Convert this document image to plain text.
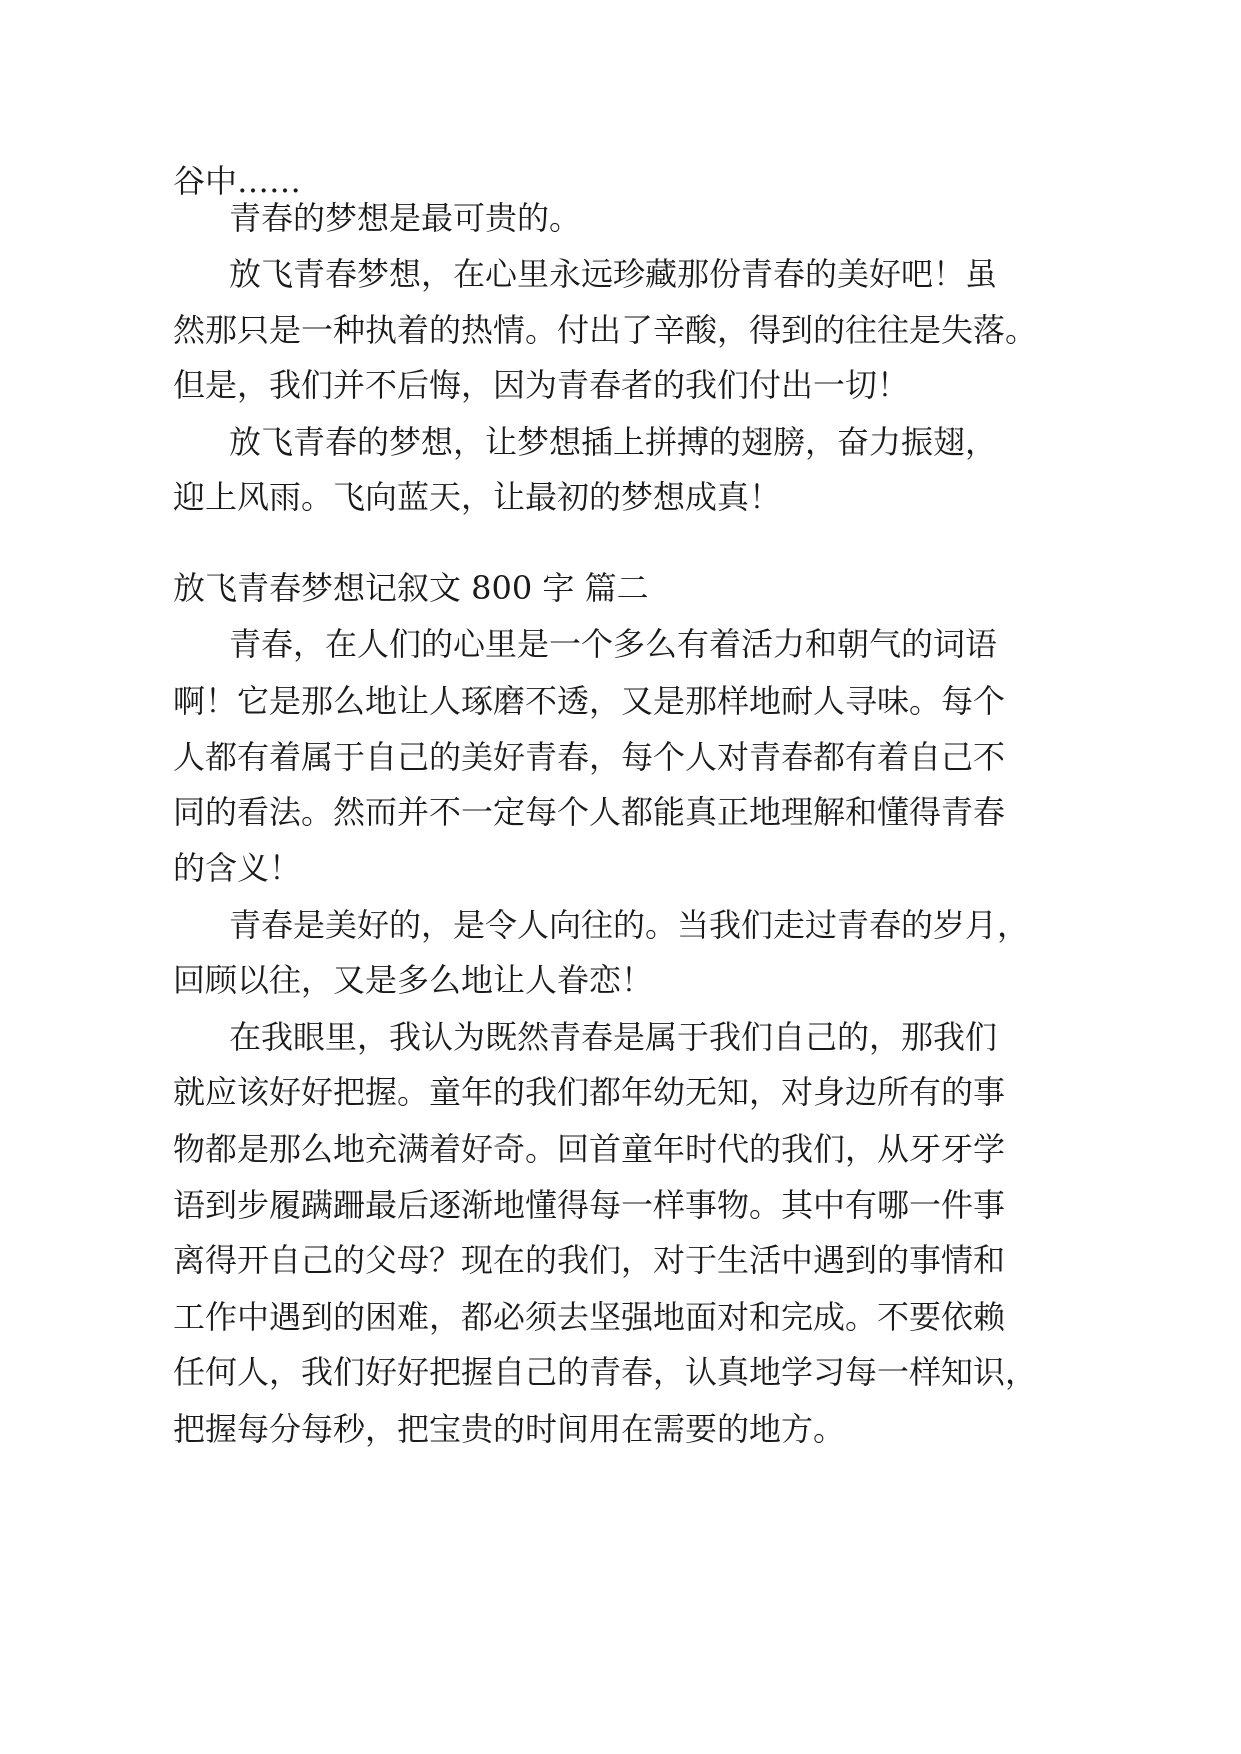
谷中……

青春的梦想是最可贵的。

放飞青春梦想，在心里永远珍藏那份青春的美好吧！虽

然那只是一种执着的热情。付出了辛酸，得到的往往是失落。

但是，我们并不后悔，因为青春者的我们付出一切！

放飞青春的梦想，让梦想插上拼搏的翅膀，奋力振翅，

迎上风雨。飞向蓝天，让最初的梦想成真！

放飞青春梦想记叙文 800 字 篇二

青春，在人们的心里是一个多么有着活力和朝气的词语

啊！它是那么地让人琢磨不透，又是那样地耐人寻味。每个

人都有着属于自己的美好青春，每个人对青春都有着自己不

同的看法。然而并不一定每个人都能真正地理解和懂得青春

的含义！

青春是美好的，是令人向往的。当我们走过青春的岁月，

回顾以往，又是多么地让人眷恋！

在我眼里，我认为既然青春是属于我们自己的，那我们

就应该好好把握。童年的我们都年幼无知，对身边所有的事

物都是那么地充满着好奇。回首童年时代的我们，从牙牙学

语到步履蹒跚最后逐渐地懂得每一样事物。其中有哪一件事

离得开自己的父母？现在的我们，对于生活中遇到的事情和

工作中遇到的困难，都必须去坚强地面对和完成。不要依赖

任何人，我们好好把握自己的青春，认真地学习每一样知识，

把握每分每秒，把宝贵的时间用在需要的地方。
